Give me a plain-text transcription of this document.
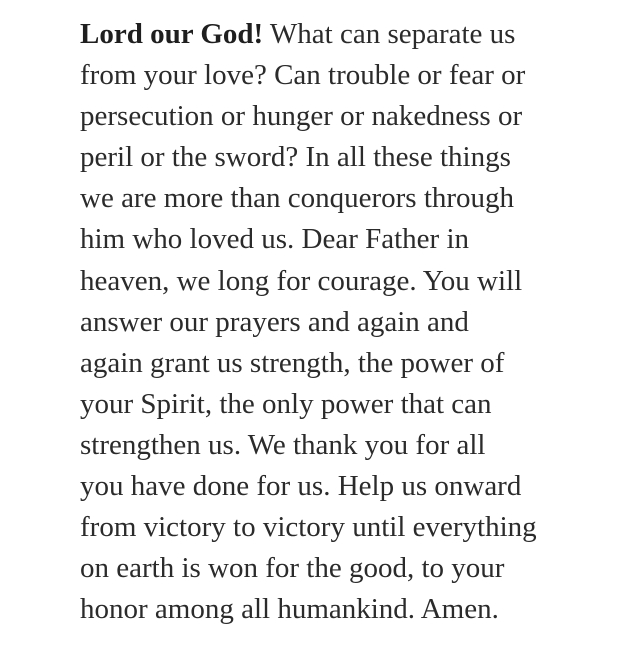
Lord our God! What can separate us
from your love? Can trouble or fear or
persecution or hunger or nakedness or
peril or the sword? In all these things
we are more than conquerors through
him who loved us. Dear Father in
heaven, we long for courage. You will
answer our prayers and again and
again grant us strength, the power of
your Spirit, the only power that can
strengthen us. We thank you for all
you have done for us. Help us onward
from victory to victory until everything
on earth is won for the good, to your
honor among all humankind. Amen.
